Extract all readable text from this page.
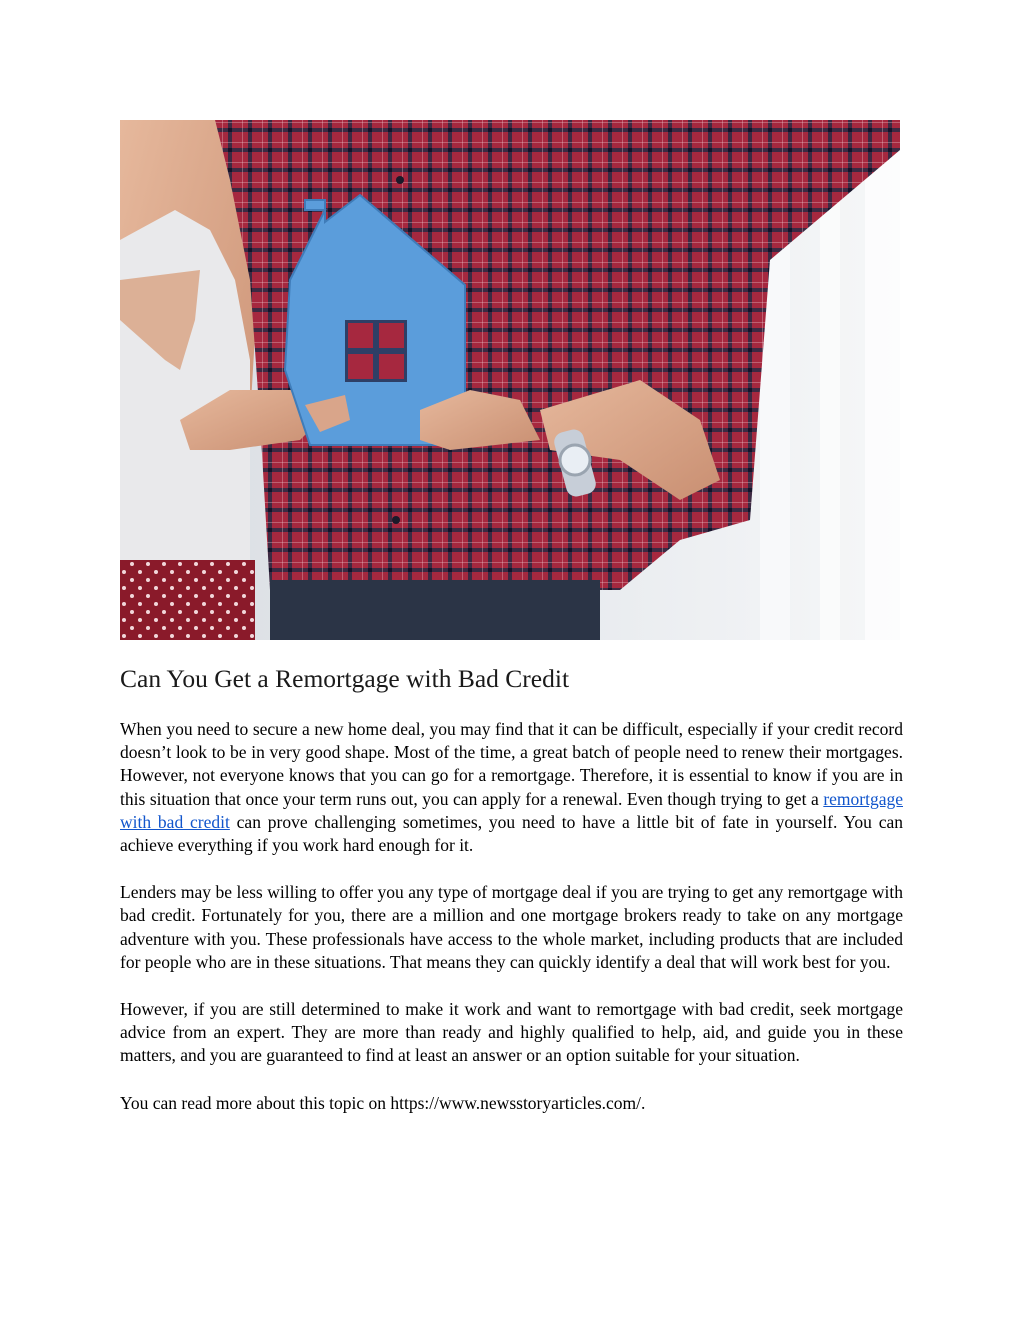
Can You Get a Remortgage with Bad Credit

When you need to secure a new home deal, you may find that it can be difficult, especially if your credit record doesn’t look to be in very good shape. Most of the time, a great batch of people need to renew their mortgages. However, not everyone knows that you can go for a remortgage. Therefore, it is essential to know if you are in this situation that once your term runs out, you can apply for a renewal. Even though trying to get a remortgage with bad credit can prove challenging sometimes, you need to have a little bit of fate in yourself. You can achieve everything if you work hard enough for it.

Lenders may be less willing to offer you any type of mortgage deal if you are trying to get any remortgage with bad credit. Fortunately for you, there are a million and one mortgage brokers ready to take on any mortgage adventure with you. These professionals have access to the whole market, including products that are included for people who are in these situations. That means they can quickly identify a deal that will work best for you.

However, if you are still determined to make it work and want to remortgage with bad credit, seek mortgage advice from an expert. They are more than ready and highly qualified to help, aid, and guide you in these matters, and you are guaranteed to find at least an answer or an option suitable for your situation.

You can read more about this topic on https://www.newsstoryarticles.com/.
